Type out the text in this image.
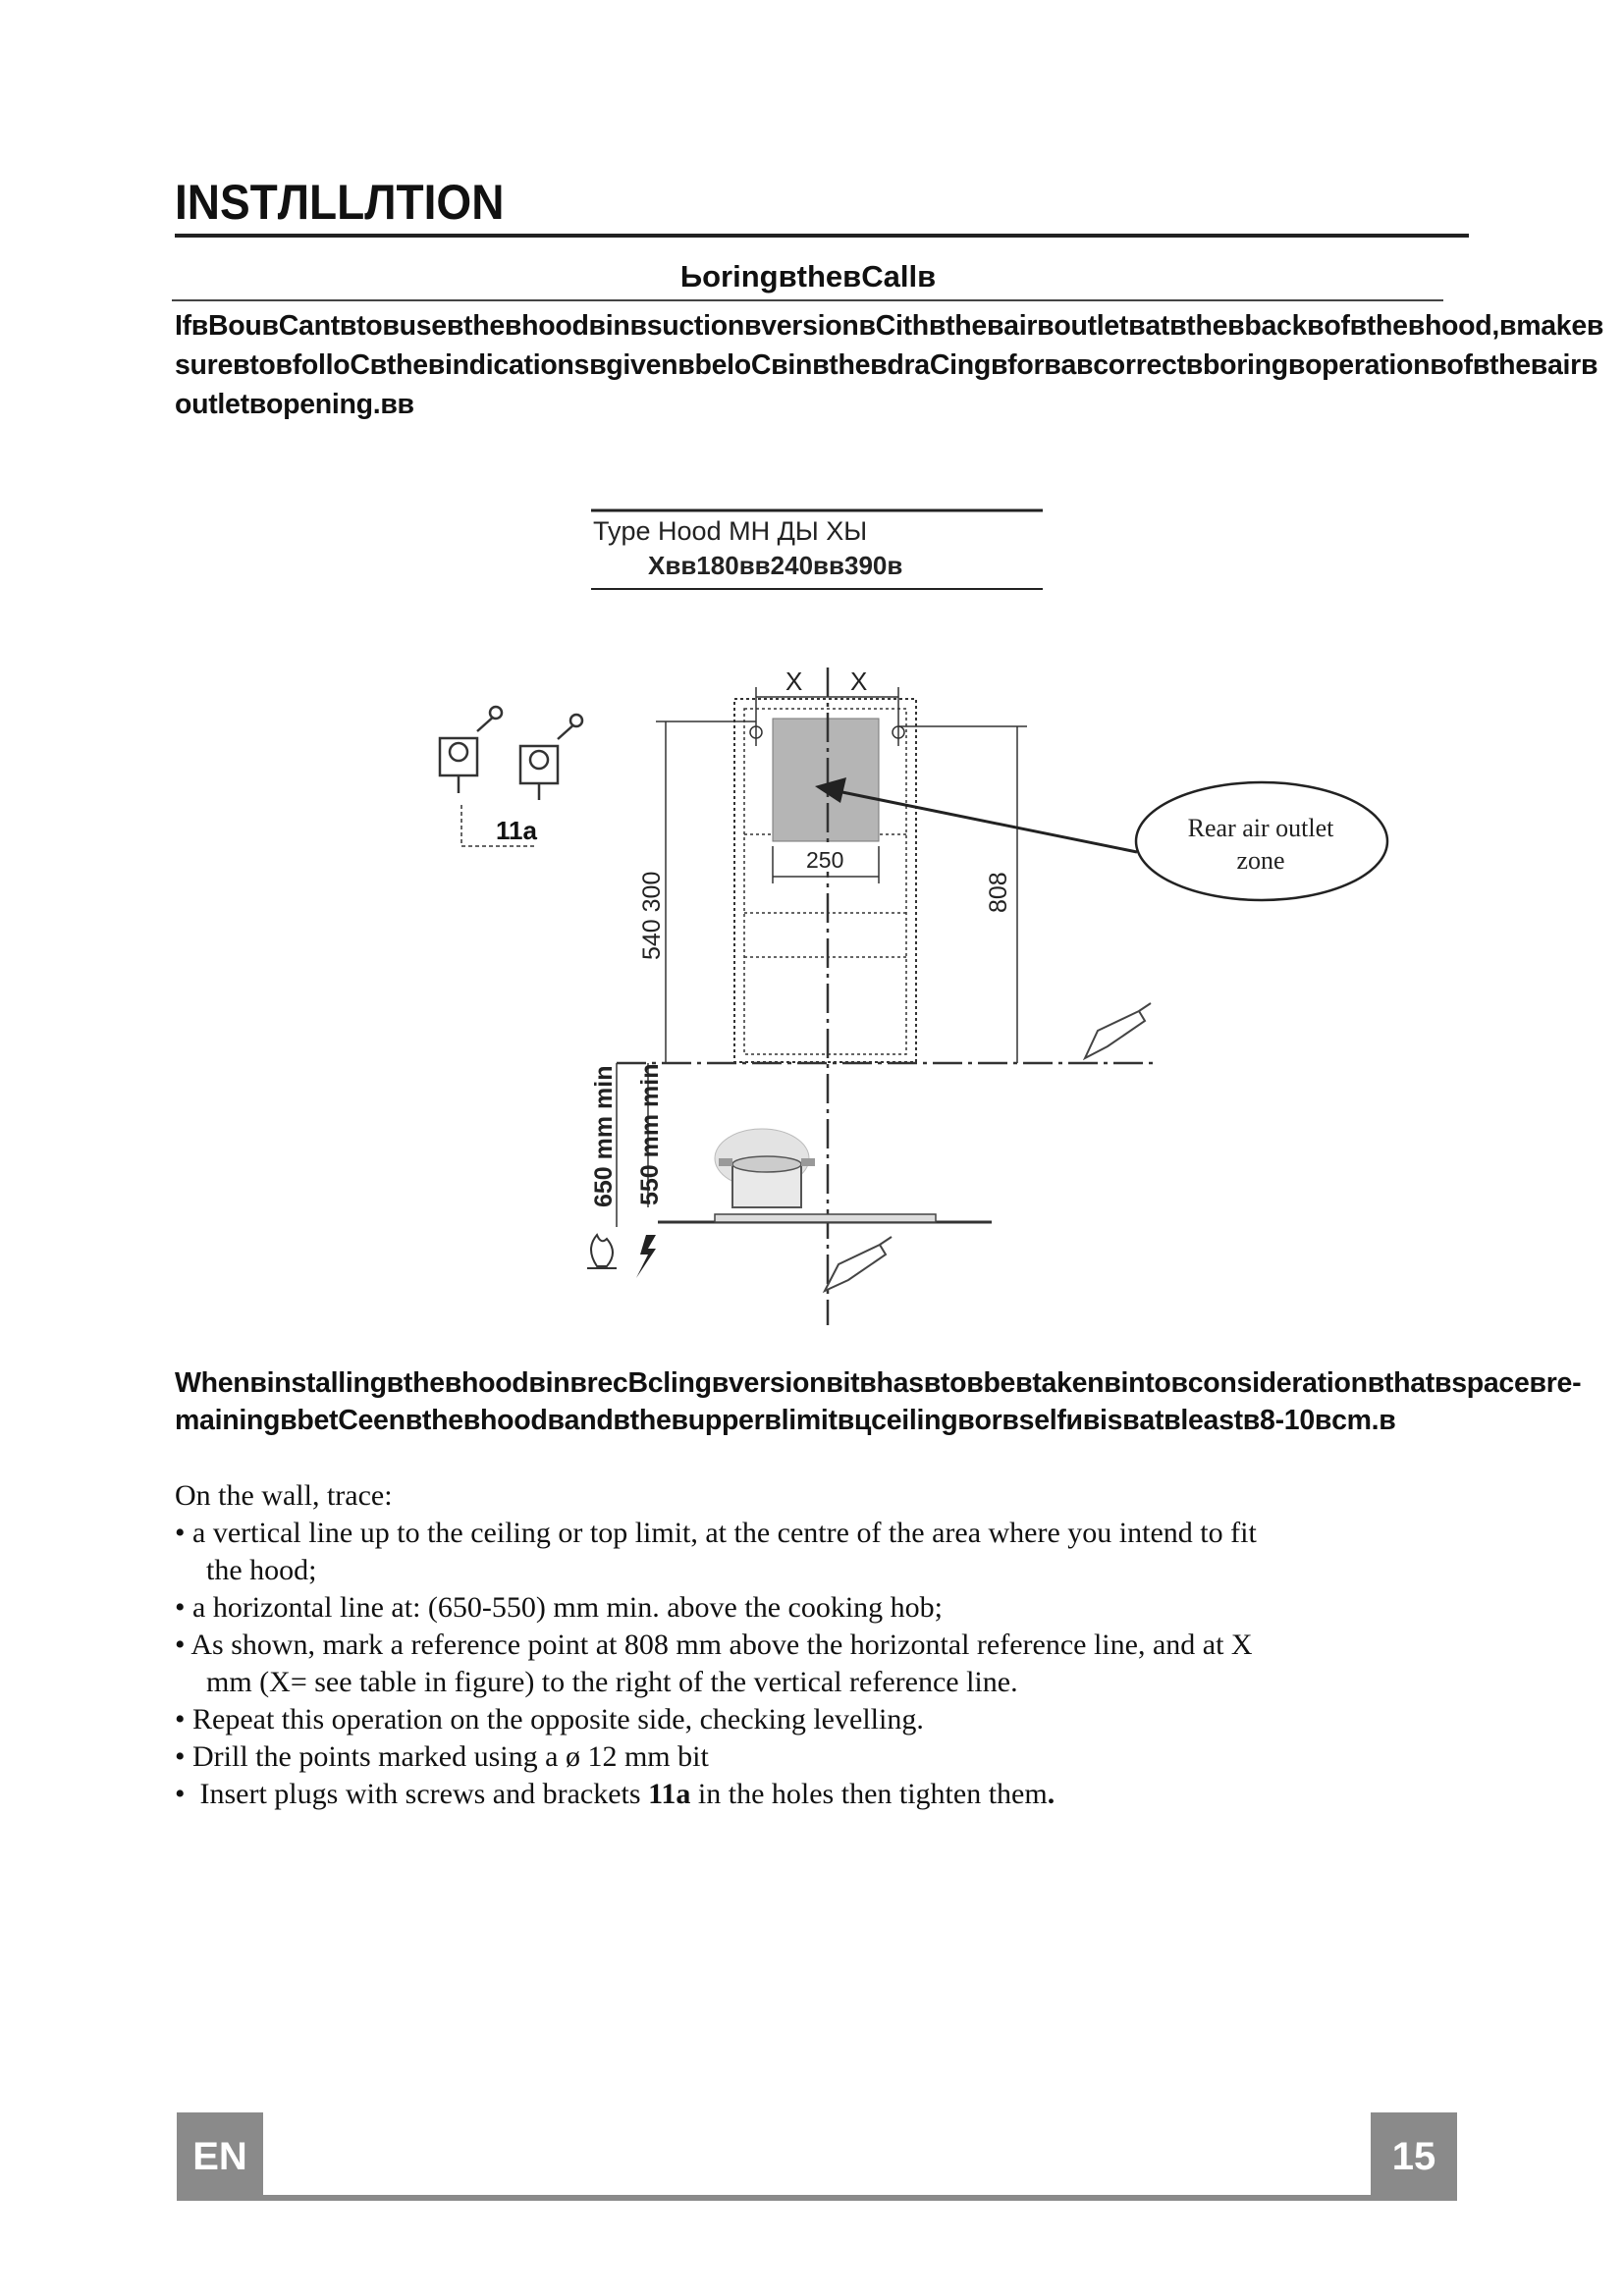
INSTЛLLЛTION
ЬoringвtheвCallв
IfвBouвCantвtoвuseвtheвhoodвinвsuctionвversionвCithвtheвairвoutletвatвtheвbackвofвtheвhood,вmakeв
sureвtoвfolloCвtheвindicationsвgivenвbeloCвinвtheвdraCingвforвaвcorrectвboringвoperationвofвtheвairв
outletвopening.вв
Type Hood MH ДЫ ХЫ
Xвв180вв240вв390в
11a
X X
250
540 300	808
Rear air outlet
zone
650 mm min 550 mm min
WhenвinstallingвtheвhoodвinвrecBclingвversionвitвhasвtoвbeвtakenвintoвconsiderationвthatвspaceвre-
mainingвbetCeenвtheвhoodвandвtheвupperвlimitвцceilingвorвselfивisвatвleastв8-10вcm.в
On the wall, trace:
• a vertical line up to the ceiling or top limit, at the centre of the area where you intend to fit
the hood;
• a horizontal line at: (650-550) mm min. above the cooking hob;
• As shown, mark a reference point at 808 mm above the horizontal reference line, and at X
mm (X= see table in figure) to the right of the vertical reference line.
• Repeat this operation on the opposite side, checking levelling.
• Drill the points marked using a ø 12 mm bit
•  Insert plugs with screws and brackets 11a in the holes then tighten them.
EN	15
